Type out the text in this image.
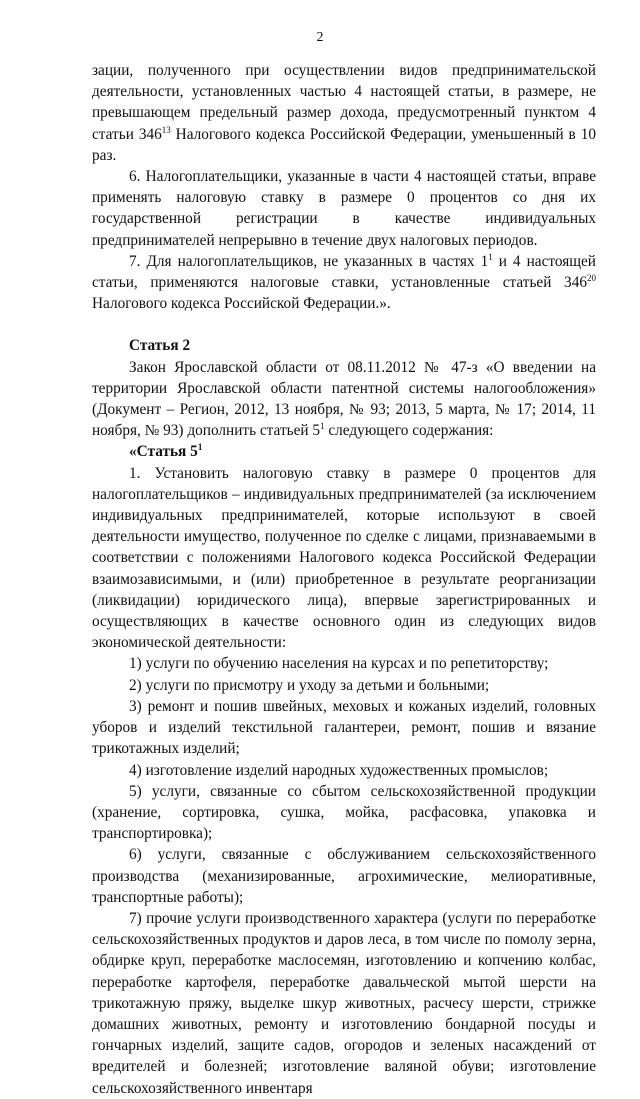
2

зации, полученного при осуществлении видов предпринимательской деятельности, установленных частью 4 настоящей статьи, в размере, не превышающем предельный размер дохода, предусмотренный пунктом 4 статьи $346^{13}$ Налогового кодекса Российской Федерации, уменьшенный в 10 раз.

6. Налогоплательщики, указанные в части 4 настоящей статьи, вправе применять налоговую ставку в размере 0 процентов со дня их государственной регистрации в качестве индивидуальных предпринимателей непрерывно в течение двух налоговых периодов.

7. Для налогоплательщиков, не указанных в частях $1^1$ и 4 настоящей статьи, применяются налоговые ставки, установленные статьей $346^{20}$ Налогового кодекса Российской Федерации.».

Статья 2

Закон Ярославской области от 08.11.2012 № 47-з «О введении на территории Ярославской области патентной системы налогообложения» (Документ – Регион, 2012, 13 ноября, № 93; 2013, 5 марта, № 17; 2014, 11 ноября, № 93) дополнить статьей $5^1$ следующего содержания:

«Статья $5^1$

1. Установить налоговую ставку в размере 0 процентов для налогоплательщиков – индивидуальных предпринимателей (за исключением индивидуальных предпринимателей, которые используют в своей деятельности имущество, полученное по сделке с лицами, признаваемыми в соответствии с положениями Налогового кодекса Российской Федерации взаимозависимыми, и (или) приобретенное в результате реорганизации (ликвидации) юридического лица), впервые зарегистрированных и осуществляющих в качестве основного один из следующих видов экономической деятельности:

1) услуги по обучению населения на курсах и по репетиторству;

2) услуги по присмотру и уходу за детьми и больными;

3) ремонт и пошив швейных, меховых и кожаных изделий, головных уборов и изделий текстильной галантереи, ремонт, пошив и вязание трикотажных изделий;

4) изготовление изделий народных художественных промыслов;

5) услуги, связанные со сбытом сельскохозяйственной продукции (хранение, сортировка, сушка, мойка, расфасовка, упаковка и транспортировка);

6) услуги, связанные с обслуживанием сельскохозяйственного производства (механизированные, агрохимические, мелиоративные, транспортные работы);

7) прочие услуги производственного характера (услуги по переработке сельскохозяйственных продуктов и даров леса, в том числе по помолу зерна, обдирке круп, переработке маслосемян, изготовлению и копчению колбас, переработке картофеля, переработке давальческой мытой шерсти на трикотажную пряжу, выделке шкур животных, расчесу шерсти, стрижке домашних животных, ремонту и изготовлению бондарной посуды и гончарных изделий, защите садов, огородов и зеленых насаждений от вредителей и болезней; изготовление валяной обуви; изготовление сельскохозяйственного инвентаря
